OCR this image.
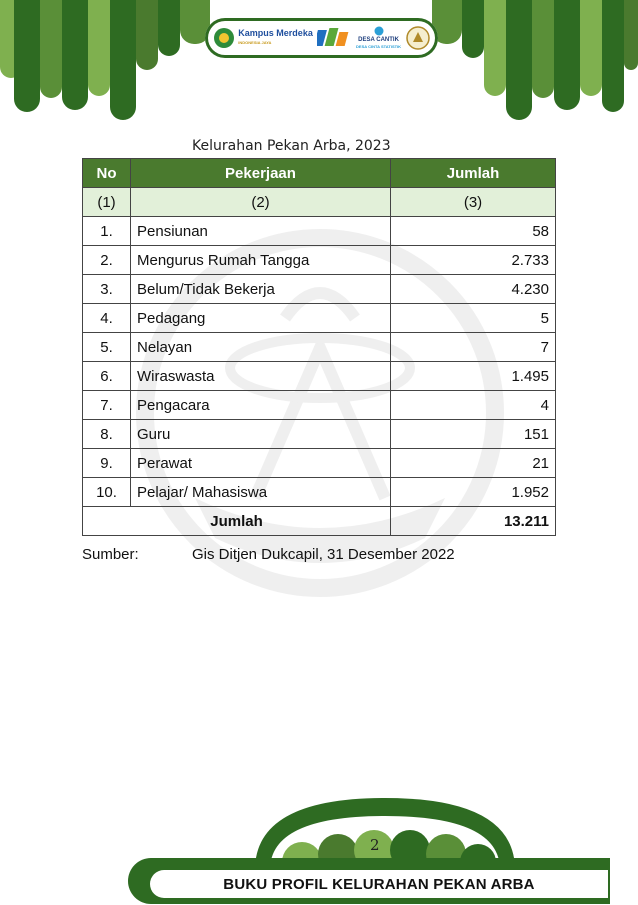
Kampus Merdeka
INDONESIA JAYA	DESA CANTIK
DESA CINTA STATISTIK
Kelurahan Pekan Arba, 2023
No	Pekerjaan	Jumlah
(1)	(2)	(3)
1.	Pensiunan	58
2.	Mengurus Rumah Tangga	2.733
3.	Belum/Tidak Bekerja	4.230
4.	Pedagang	5
5.	Nelayan	7
6.	Wiraswasta	1.495
7.	Pengacara	4
8.	Guru	151
9.	Perawat	21
10.	Pelajar/ Mahasiswa	1.952
Jumlah		13.211
Sumber:	Gis Ditjen Dukcapil, 31 Desember 2022
2
BUKU PROFIL KELURAHAN PEKAN ARBA
